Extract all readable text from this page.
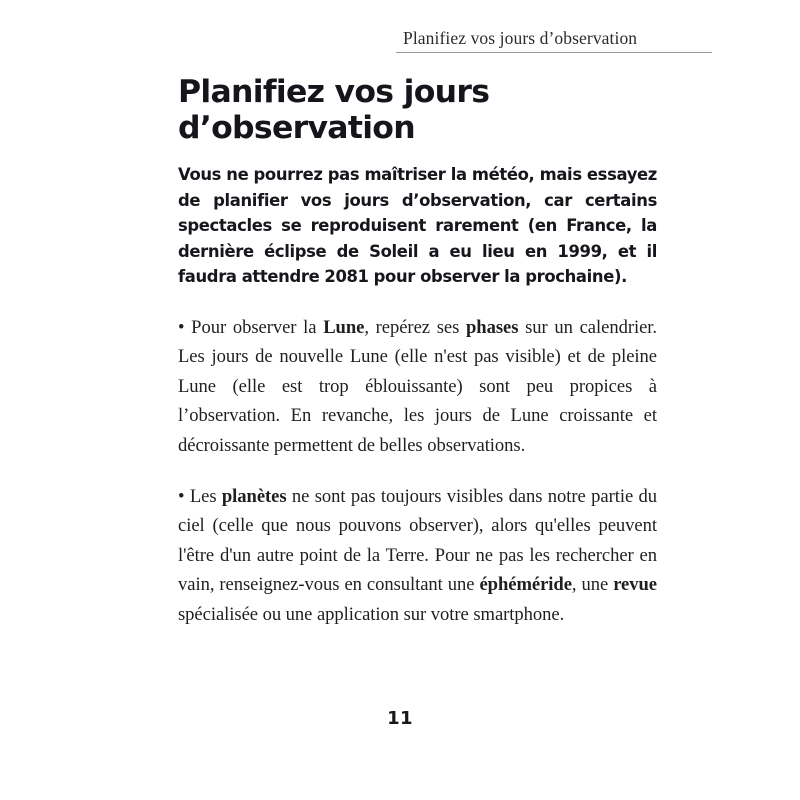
Planifiez vos jours d’observation
Planifiez vos jours d’observation

Vous ne pourrez pas maîtriser la météo, mais essayez de planifier vos jours d’observation, car certains spectacles se reproduisent rarement (en France, la dernière éclipse de Soleil a eu lieu en 1999, et il faudra attendre 2081 pour observer la prochaine).

• Pour observer la Lune, repérez ses phases sur un calendrier. Les jours de nouvelle Lune (elle n'est pas visible) et de pleine Lune (elle est trop éblouissante) sont peu propices à l’observation. En revanche, les jours de Lune croissante et décroissante permettent de belles observations.

• Les planètes ne sont pas toujours visibles dans notre partie du ciel (celle que nous pouvons observer), alors qu'elles peuvent l'être d'un autre point de la Terre. Pour ne pas les rechercher en vain, renseignez-vous en consultant une éphéméride, une revue spécialisée ou une application sur votre smartphone.

11
